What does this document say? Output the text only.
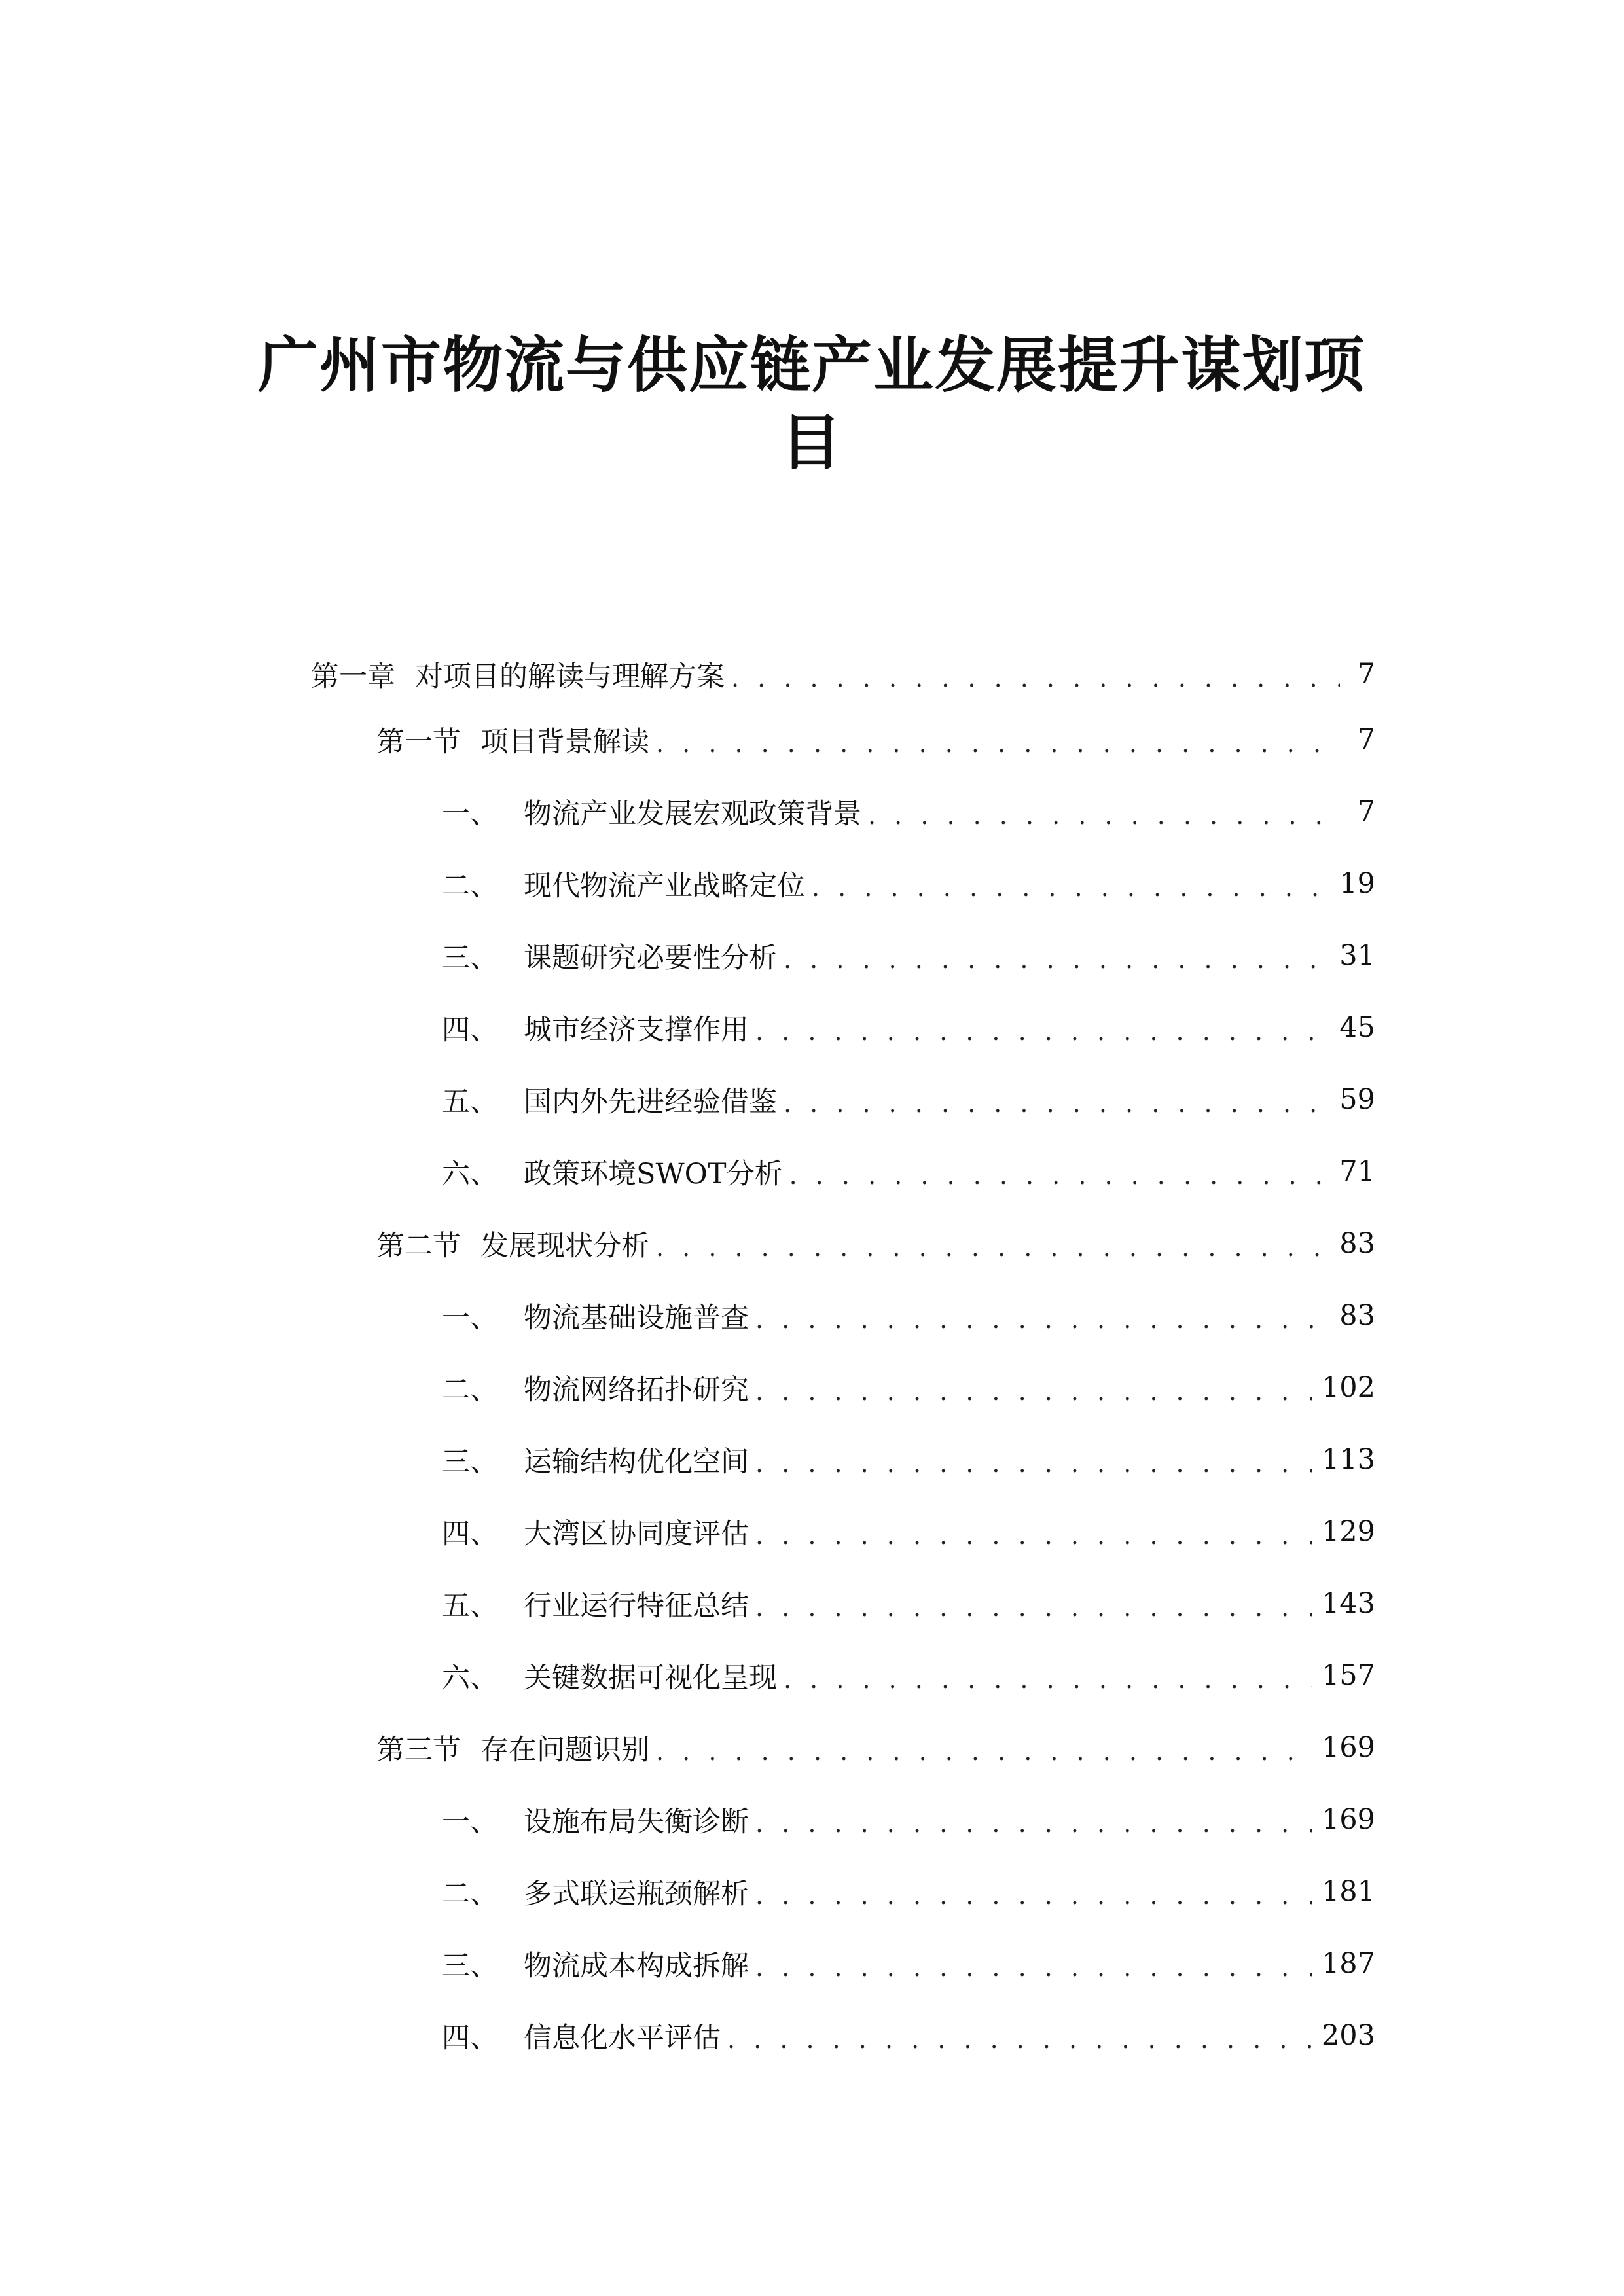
广州市物流与供应链产业发展提升谋划项
目
第一章 对项目的解读与理解方案 . . .	7
第一节 项目背景解读 . . .	7
一、 物流产业发展宏观政策背景 . . .	7
二、 现代物流产业战略定位 . . .	19
三、 课题研究必要性分析 . . .	31
四、 城市经济支撑作用 . . .	45
五、 国内外先进经验借鉴 . . .	59
六、 政策环境SWOT分析 . . .	71
第二节 发展现状分析 . . .	83
一、 物流基础设施普查 . . .	83
二、 物流网络拓扑研究 . . .	102
三、 运输结构优化空间 . . .	113
四、 大湾区协同度评估 . . .	129
五、 行业运行特征总结 . . .	143
六、 关键数据可视化呈现 . . .	157
第三节 存在问题识别 . . .	169
一、 设施布局失衡诊断 . . .	169
二、 多式联运瓶颈解析 . . .	181
三、 物流成本构成拆解 . . .	187
四、 信息化水平评估 . . .	203
